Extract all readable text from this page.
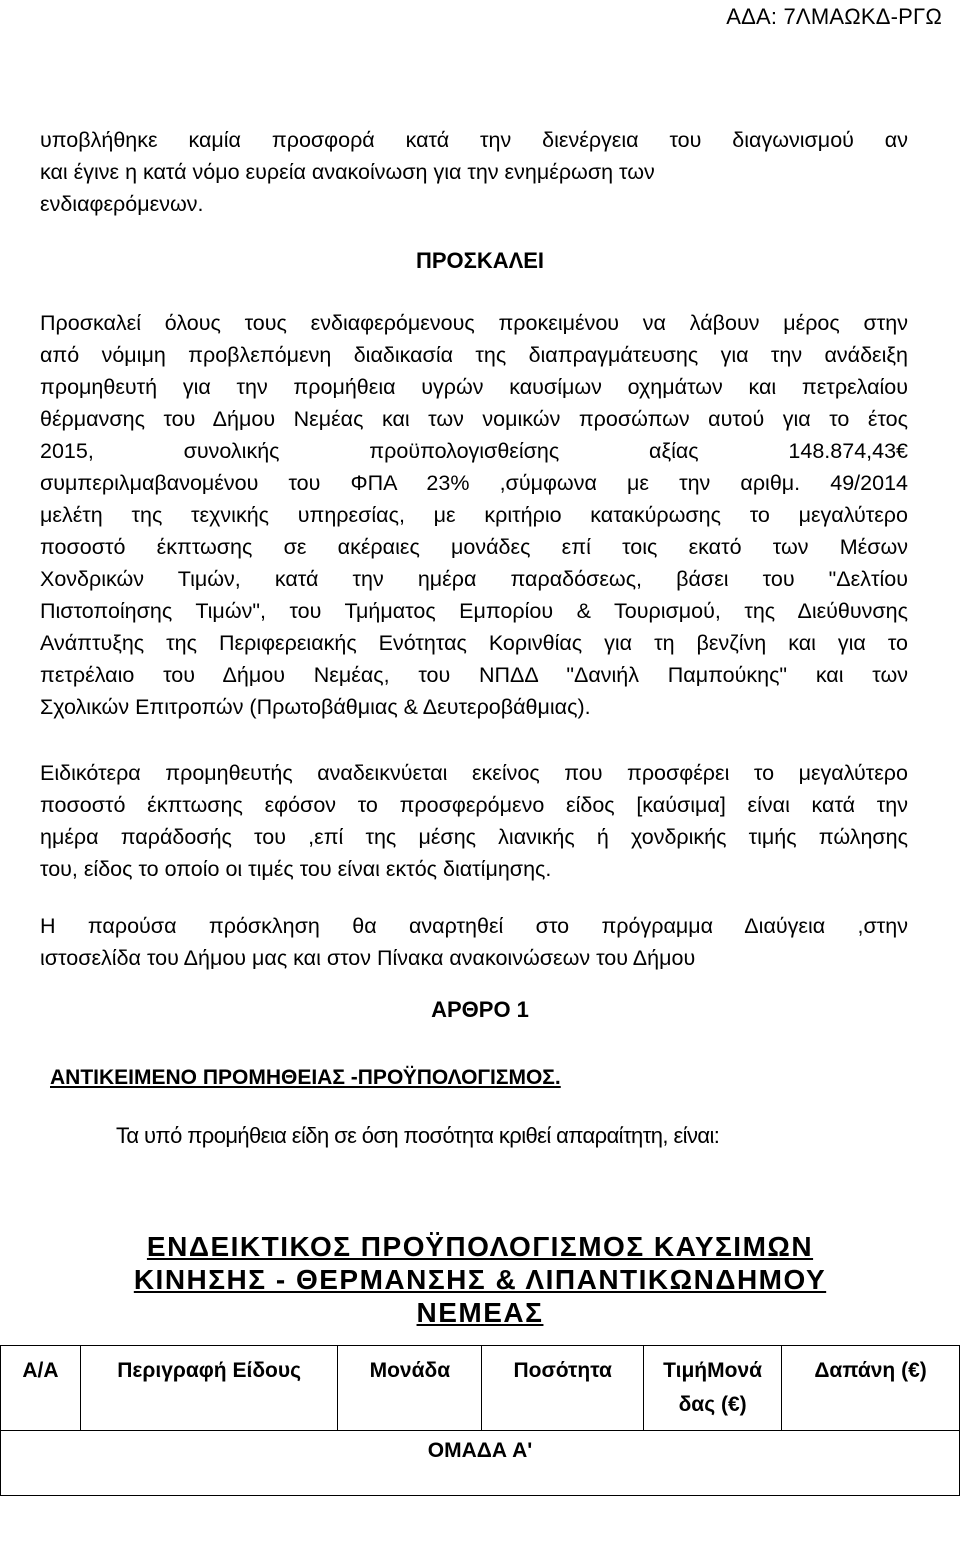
ΑΔΑ: 7ΛΜΑΩΚΔ-ΡΓΩ
υποβλήθηκε καμία προσφορά κατά την διενέργεια του διαγωνισμού αν
και έγινε η κατά νόμο ευρεία ανακοίνωση για την ενημέρωση των
ενδιαφερόμενων.

ΠΡΟΣΚΑΛΕΙ

Προσκαλεί όλους τους ενδιαφερόμενους προκειμένου να λάβουν μέρος στην
από νόμιμη προβλεπόμενη διαδικασία της διαπραγμάτευσης για την ανάδειξη
προμηθευτή για την προμήθεια υγρών καυσίμων οχημάτων και πετρελαίου
θέρμανσης του Δήμου Νεμέας και των νομικών προσώπων αυτού για το έτος
2015, συνολικής προϋπολογισθείσης αξίας 148.874,43€
συμπεριλμαβανομένου του ΦΠΑ 23% ,σύμφωνα με την αριθμ. 49/2014
μελέτη της τεχνικής υπηρεσίας, με κριτήριο κατακύρωσης το μεγαλύτερο
ποσοστό έκπτωσης σε ακέραιες μονάδες επί τοις εκατό των Μέσων
Χονδρικών Τιμών, κατά την ημέρα παραδόσεως, βάσει του "Δελτίου
Πιστοποίησης Τιμών", του Τμήματος Εμπορίου & Τουρισμού, της Διεύθυνσης
Ανάπτυξης της Περιφερειακής Ενότητας Κορινθίας για τη βενζίνη και για το
πετρέλαιο του Δήμου Νεμέας, του ΝΠΔΔ "Δανιήλ Παμπούκης" και των
Σχολικών Επιτροπών (Πρωτοβάθμιας & Δευτεροβάθμιας).
Ειδικότερα προμηθευτής αναδεικνύεται εκείνος που προσφέρει το μεγαλύτερο
ποσοστό έκπτωσης εφόσον το προσφερόμενο είδος [καύσιμα] είναι κατά την
ημέρα παράδοσής του ,επί της μέσης λιανικής ή χονδρικής τιμής πώλησης
του, είδος το οποίο οι τιμές του είναι εκτός διατίμησης.
Η παρούσα πρόσκληση θα αναρτηθεί στο πρόγραμμα Διαύγεια ,στην
ιστοσελίδα του Δήμου μας και στον Πίνακα ανακοινώσεων του Δήμου

ΑΡΘΡΟ 1

ΑΝΤΙΚΕΙΜΕΝΟ ΠΡΟΜΗΘΕΙΑΣ -ΠΡΟΫΠΟΛΟΓΙΣΜΟΣ.

Τα υπό προμήθεια είδη σε όση ποσότητα κριθεί απαραίτητη, είναι:

ΕΝΔΕΙΚΤΙΚΟΣ ΠΡΟΫΠΟΛΟΓΙΣΜΟΣ ΚΑΥΣΙΜΩΝ
ΚΙΝΗΣΗΣ - ΘΕΡΜΑΝΣΗΣ & ΛΙΠΑΝΤΙΚΩΝΔΗΜΟΥ
ΝΕΜΕΑΣ
Α/Α	Περιγραφή Είδους	Μονάδα	Ποσότητα	ΤιμήΜονά δας (€)	Δαπάνη (€)
ΟΜΑΔΑ Α'
